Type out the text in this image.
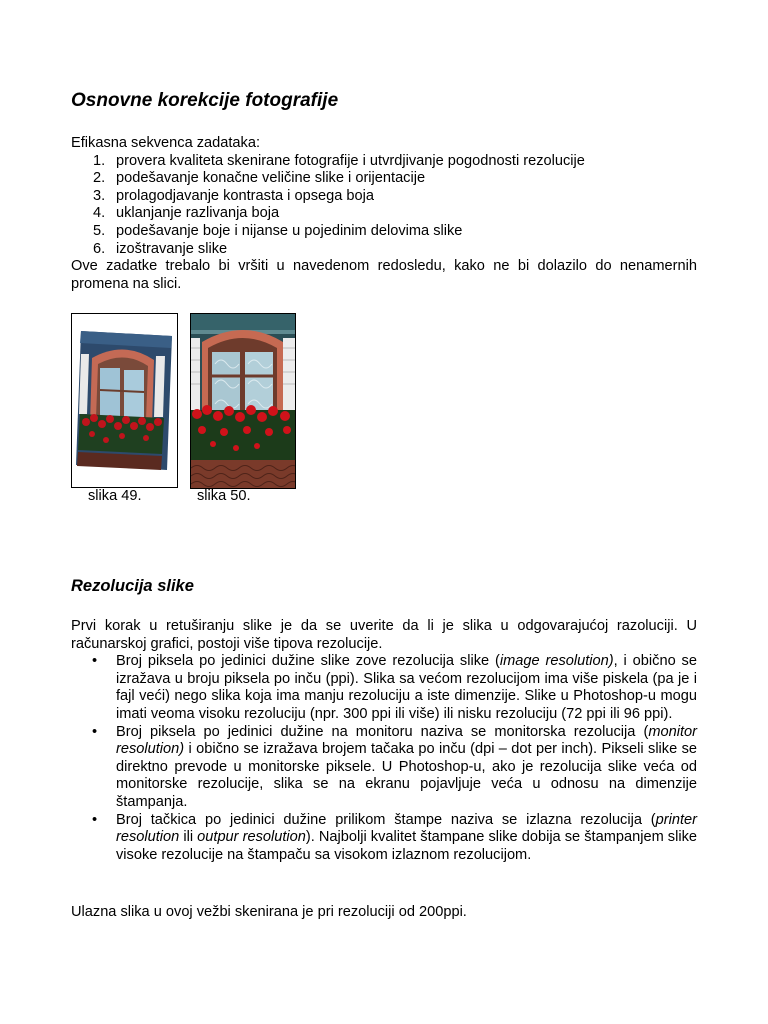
Osnovne korekcije fotografije
Efikasna sekvenca zadataka:
1. provera kvaliteta skenirane fotografije i utvrdjivanje pogodnosti rezolucije
2. podešavanje konačne veličine slike i orijentacije
3. prolagodjavanje kontrasta i opsega boja
4. uklanjanje razlivanja boja
5. podešavanje boje i nijanse u pojedinim delovima slike
6. izoštravanje slike
Ove zadatke trebalo bi vršiti u navedenom redosledu, kako ne bi dolazilo do nenamernih promena na slici.
slika 49.	slika 50.
Rezolucija slike
Prvi korak u retuširanju slike je da se uverite da li je slika u odgovarajućoj razoluciji. U računarskoj grafici, postoji više tipova rezolucije.
• Broj piksela po jedinici dužine slike zove rezolucija slike (image resolution), i obično se izražava u broju piksela po inču (ppi). Slika sa većom rezolucijom ima više piskela (pa je i fajl veći) nego slika koja ima manju rezoluciju a iste dimenzije. Slike u Photoshop-u mogu imati veoma visoku rezoluciju (npr. 300 ppi ili više) ili nisku rezoluciju (72 ppi ili 96 ppi).
• Broj piksela po jedinici dužine na monitoru naziva se monitorska rezolucija (monitor resolution) i obično se izražava brojem tačaka po inču (dpi – dot per inch). Pikseli slike se direktno prevode u monitorske piksele. U Photoshop-u, ako je rezolucija slike veća od monitorske rezolucije, slika se na ekranu pojavljuje veća u odnosu na dimenzije štampanja.
• Broj tačkica po jedinici dužine prilikom štampe naziva se izlazna rezolucija (printer resolution ili outpur resolution). Najbolji kvalitet štampane slike dobija se štampanjem slike visoke rezolucije na štampaču sa visokom izlaznom rezolucijom.
Ulazna slika u ovoj vežbi skenirana je pri rezoluciji od 200ppi.
